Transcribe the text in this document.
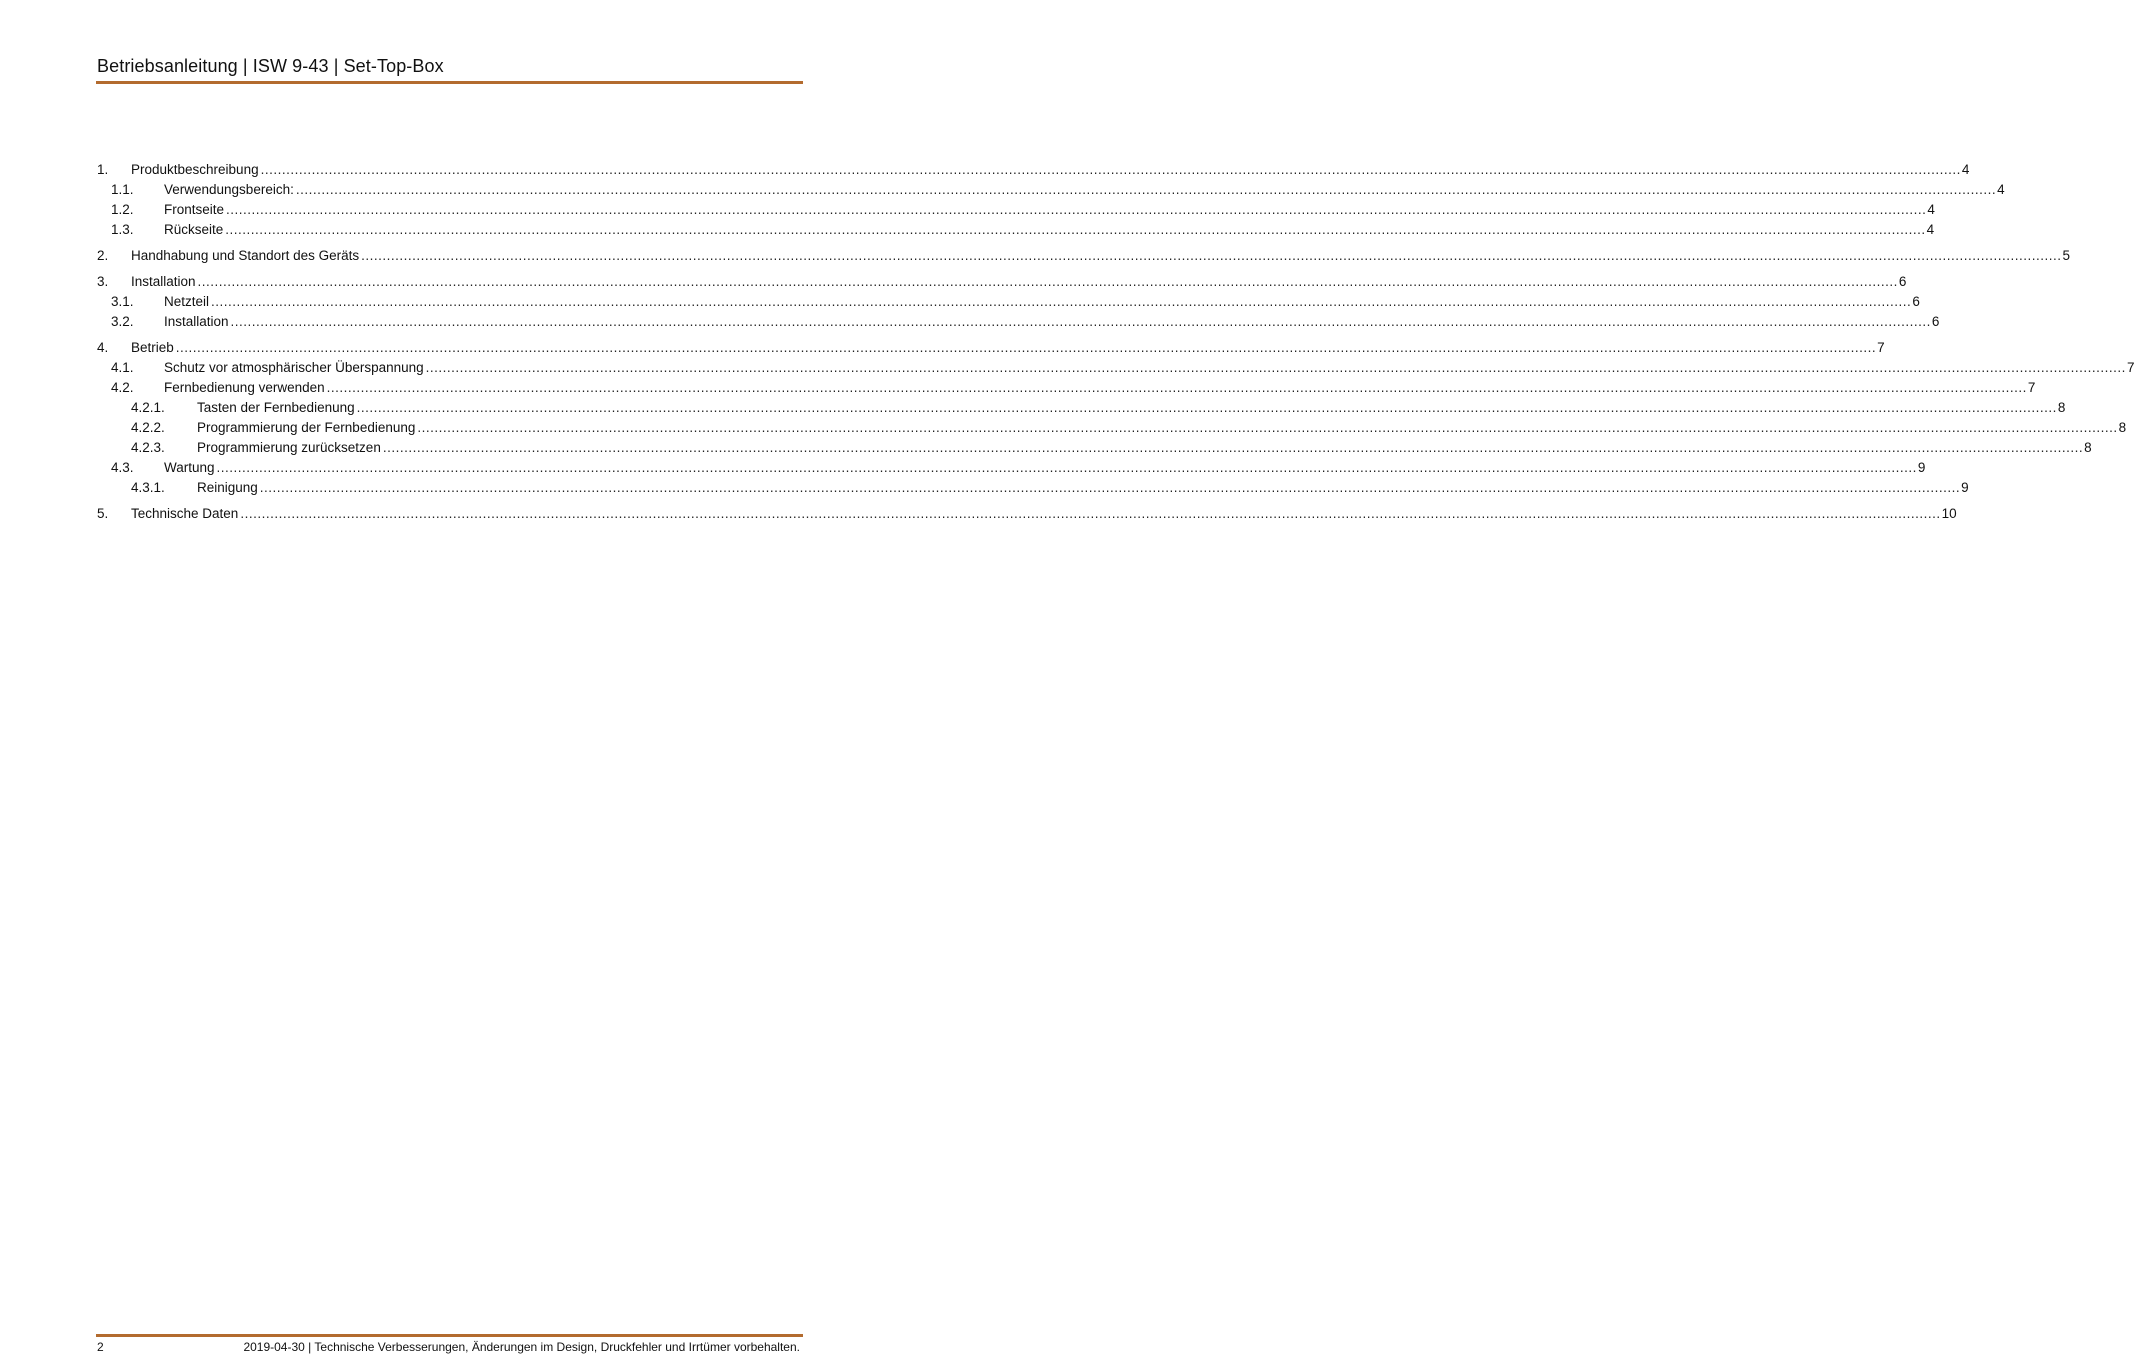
Betriebsanleitung | ISW 9-43 | Set-Top-Box
1. Produktbeschreibung ................................................................................................................................................................................................................................................................................................................................................................................................................ 4
1.1. Verwendungsbereich: ................................................................................................................................................................................................................................................................................................................................................................................................................ 4
1.2. Frontseite ................................................................................................................................................................................................................................................................................................................................................................................................................ 4
1.3. Rückseite ................................................................................................................................................................................................................................................................................................................................................................................................................ 4
2. Handhabung und Standort des Geräts ................................................................................................................................................................................................................................................................................................................................................................................................................ 5
3. Installation ................................................................................................................................................................................................................................................................................................................................................................................................................ 6
3.1. Netzteil ................................................................................................................................................................................................................................................................................................................................................................................................................ 6
3.2. Installation ................................................................................................................................................................................................................................................................................................................................................................................................................ 6
4. Betrieb ................................................................................................................................................................................................................................................................................................................................................................................................................ 7
4.1. Schutz vor atmosphärischer Überspannung ................................................................................................................................................................................................................................................................................................................................................................................................................ 7
4.2. Fernbedienung verwenden ................................................................................................................................................................................................................................................................................................................................................................................................................ 7
4.2.1. Tasten der Fernbedienung ................................................................................................................................................................................................................................................................................................................................................................................................................ 8
4.2.2. Programmierung der Fernbedienung ................................................................................................................................................................................................................................................................................................................................................................................................................ 8
4.2.3. Programmierung zurücksetzen ................................................................................................................................................................................................................................................................................................................................................................................................................ 8
4.3. Wartung ................................................................................................................................................................................................................................................................................................................................................................................................................ 9
4.3.1. Reinigung ................................................................................................................................................................................................................................................................................................................................................................................................................ 9
5. Technische Daten ................................................................................................................................................................................................................................................................................................................................................................................................................ 10
2	2019-04-30 | Technische Verbesserungen, Änderungen im Design, Druckfehler und Irrtümer vorbehalten.
